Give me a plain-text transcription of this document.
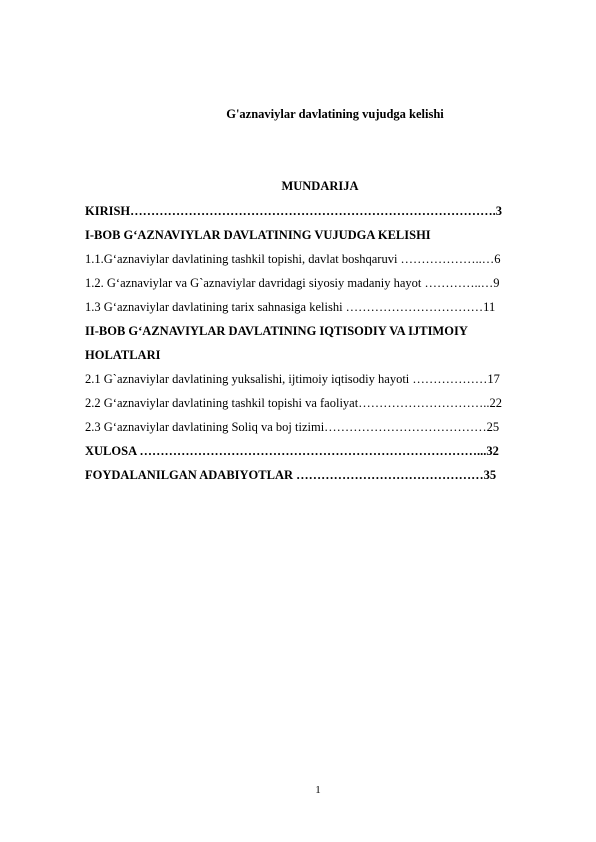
G'aznaviylar davlatining vujudga kelishi
MUNDARIJA
KIRISH…………………………………………………………………………….3
I-BOB G‘AZNAVIYLAR DAVLATINING VUJUDGA KELISHI
1.1.G‘aznaviylar davlatining tashkil topishi, davlat boshqaruvi ………………..…6
1.2. G‘aznaviylar va G`aznaviylar davridagi siyosiy madaniy hayot …………..…9
1.3 G‘aznaviylar davlatining tarix sahnasiga kelishi ……………………………11
II-BOB G‘AZNAVIYLAR DAVLATINING IQTISODIY VA IJTIMOIY
HOLATLARI
2.1 G`aznaviylar davlatining yuksalishi, ijtimoiy iqtisodiy hayoti ………………17
2.2 G‘aznaviylar davlatining tashkil topishi va faoliyat…………………………..22
2.3 G‘aznaviylar davlatining Soliq va boj tizimi…………………………………25
XULOSA ………………………………………………………………………...32
FOYDALANILGAN ADABIYOTLAR ………………………………………35
1
